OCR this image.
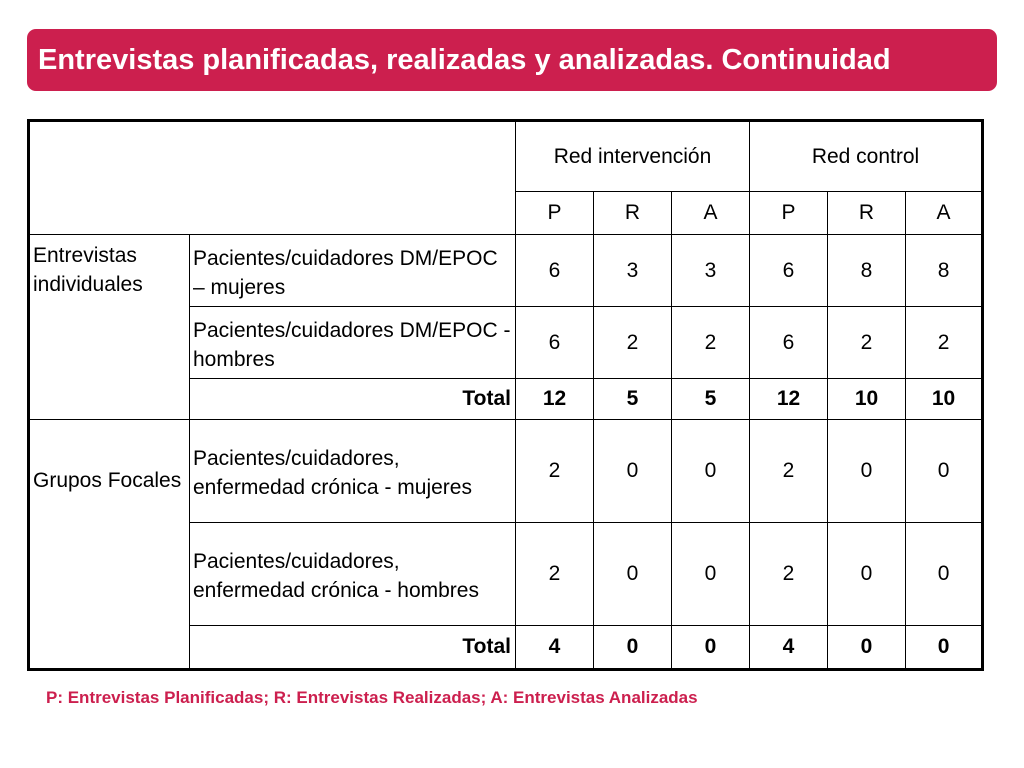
Entrevistas planificadas, realizadas y analizadas. Continuidad
		Red intervención			Red control		
		P	R	A	P	R	A
Entrevistas individuales	Pacientes/cuidadores DM/EPOC – mujeres	6	3	3	6	8	8
	Pacientes/cuidadores DM/EPOC - hombres	6	2	2	6	2	2
	Total	12	5	5	12	10	10
Grupos Focales	Pacientes/cuidadores, enfermedad crónica - mujeres	2	0	0	2	0	0
	Pacientes/cuidadores, enfermedad crónica - hombres	2	0	0	2	0	0
	Total	4	0	0	4	0	0
P: Entrevistas Planificadas; R: Entrevistas Realizadas; A: Entrevistas Analizadas
